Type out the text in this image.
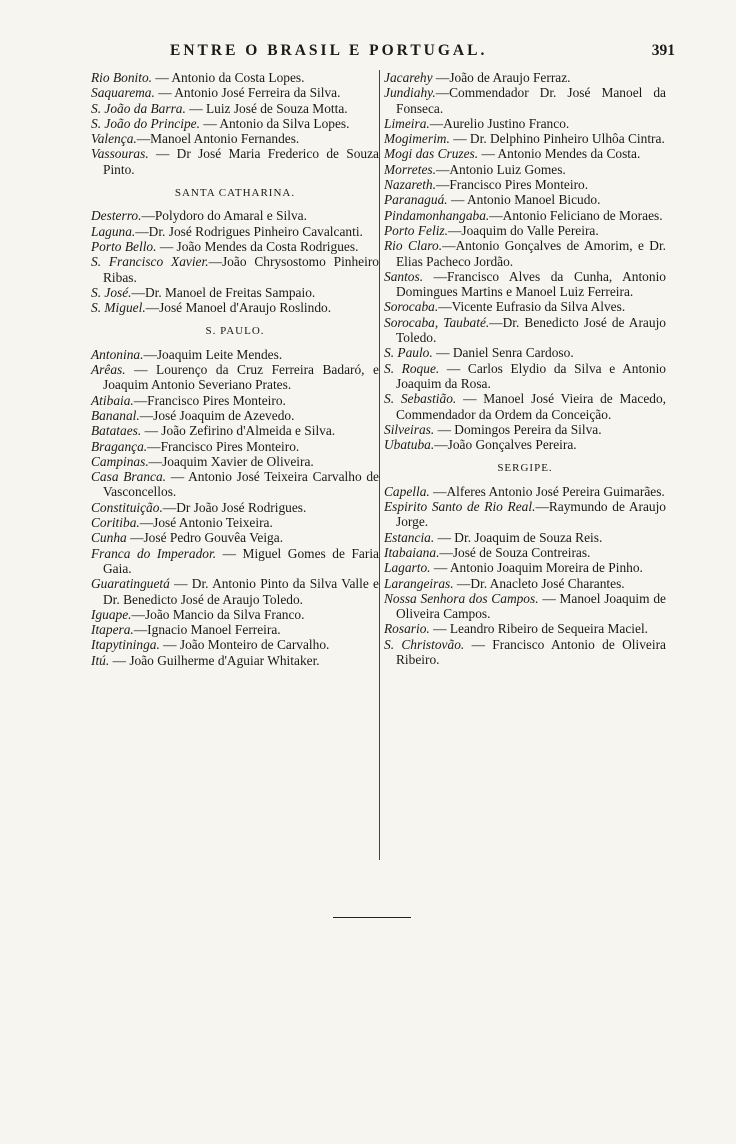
ENTRE O BRASIL E PORTUGAL.	391
Rio Bonito. — Antonio da Costa Lopes.
Saquarema. — Antonio José Ferreira da Silva.
S. João da Barra. — Luiz José de Souza Motta.
S. João do Principe. — Antonio da Silva Lopes.
Valença.—Manoel Antonio Fernandes.
Vassouras. — Dr José Maria Frederico de Souza Pinto.
SANTA CATHARINA.
Desterro.—Polydoro do Amaral e Silva.
Laguna.—Dr. José Rodrigues Pinheiro Cavalcanti.
Porto Bello. — João Mendes da Costa Rodrigues.
S. Francisco Xavier.—João Chrysostomo Pinheiro Ribas.
S. José.—Dr. Manoel de Freitas Sampaio.
S. Miguel.—José Manoel d'Araujo Roslindo.
S. PAULO.
Antonina.—Joaquim Leite Mendes.
Arêas. — Lourenço da Cruz Ferreira Badaró, e Joaquim Antonio Severiano Prates.
Atibaia.—Francisco Pires Monteiro.
Bananal.—José Joaquim de Azevedo.
Batataes. — João Zefirino d'Almeida e Silva.
Bragança.—Francisco Pires Monteiro.
Campinas.—Joaquim Xavier de Oliveira.
Casa Branca. — Antonio José Teixeira Carvalho de Vasconcellos.
Constituição.—Dr João José Rodrigues.
Coritiba.—José Antonio Teixeira.
Cunha —José Pedro Gouvêa Veiga.
Franca do Imperador. — Miguel Gomes de Faria Gaia.
Guaratinguetá — Dr. Antonio Pinto da Silva Valle e Dr. Benedicto José de Araujo Toledo.
Iguape.—João Mancio da Silva Franco.
Itapera.—Ignacio Manoel Ferreira.
Itapytininga. — João Monteiro de Carvalho.
Itú. — João Guilherme d'Aguiar Whitaker.
Jacarehy —João de Araujo Ferraz.
Jundiahy.—Commendador Dr. José Manoel da Fonseca.
Limeira.—Aurelio Justino Franco.
Mogimerim. — Dr. Delphino Pinheiro Ulhôa Cintra.
Mogi das Cruzes. — Antonio Mendes da Costa.
Morretes.—Antonio Luiz Gomes.
Nazareth.—Francisco Pires Monteiro.
Paranaguá. — Antonio Manoel Bicudo.
Pindamonhangaba.—Antonio Feliciano de Moraes.
Porto Feliz.—Joaquim do Valle Pereira.
Rio Claro.—Antonio Gonçalves de Amorim, e Dr. Elias Pacheco Jordão.
Santos. —Francisco Alves da Cunha, Antonio Domingues Martins e Manoel Luiz Ferreira.
Sorocaba.—Vicente Eufrasio da Silva Alves.
Sorocaba, Taubaté.—Dr. Benedicto José de Araujo Toledo.
S. Paulo. — Daniel Senra Cardoso.
S. Roque. — Carlos Elydio da Silva e Antonio Joaquim da Rosa.
S. Sebastião. — Manoel José Vieira de Macedo, Commendador da Ordem da Conceição.
Silveiras. — Domingos Pereira da Silva.
Ubatuba.—João Gonçalves Pereira.
SERGIPE.
Capella. —Alferes Antonio José Pereira Guimarães.
Espirito Santo de Rio Real.—Raymundo de Araujo Jorge.
Estancia. — Dr. Joaquim de Souza Reis.
Itabaiana.—José de Souza Contreiras.
Lagarto. — Antonio Joaquim Moreira de Pinho.
Larangeiras. —Dr. Anacleto José Charantes.
Nossa Senhora dos Campos. — Manoel Joaquim de Oliveira Campos.
Rosario. — Leandro Ribeiro de Sequeira Maciel.
S. Christovão. — Francisco Antonio de Oliveira Ribeiro.
